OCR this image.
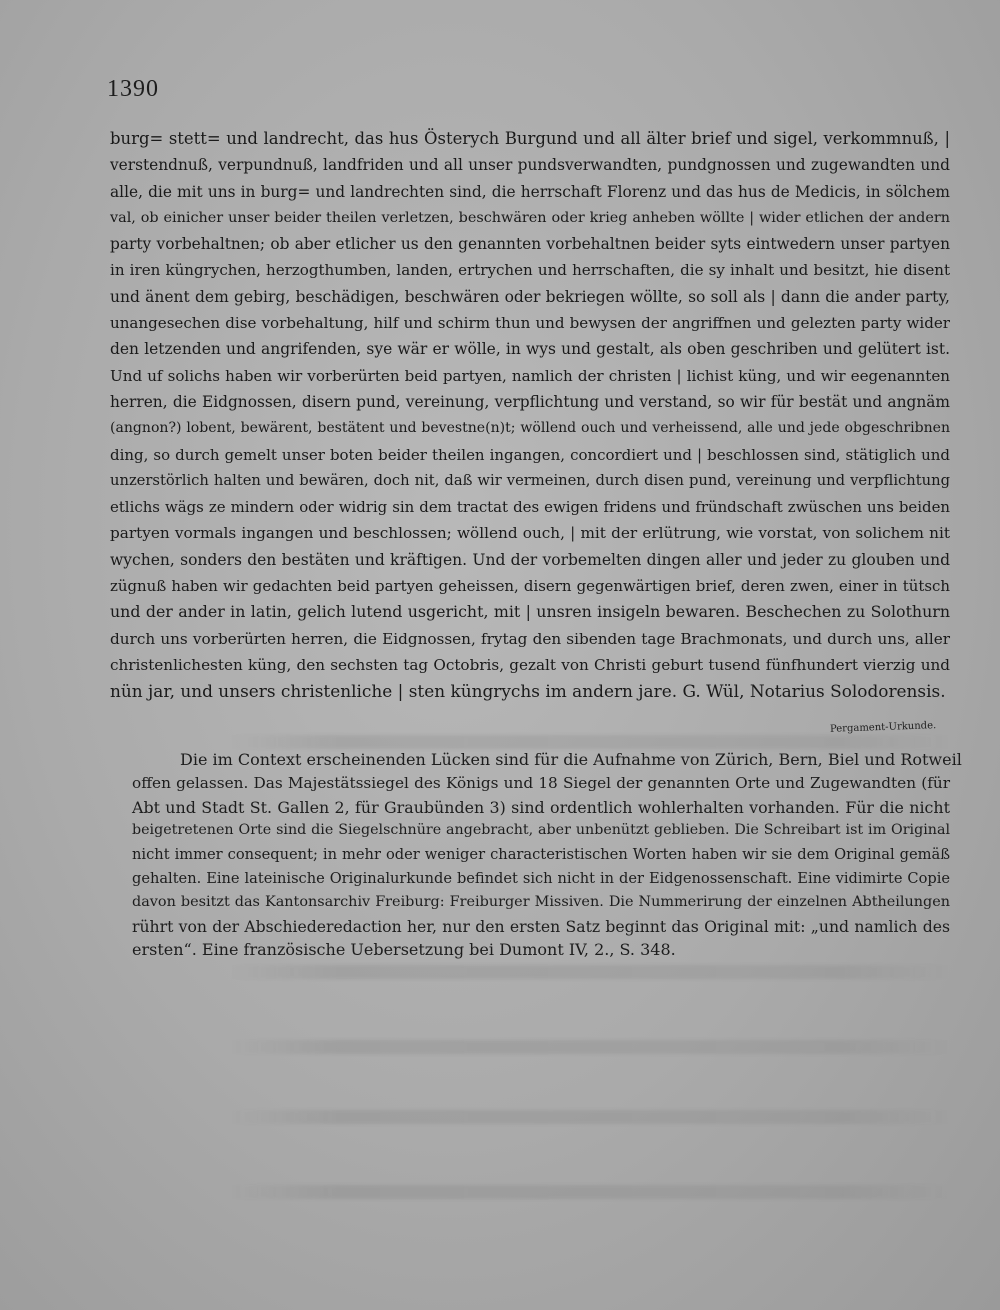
1390
burg= stett= und landrecht, das hus Österych Burgund und all älter brief und sigel, verkommnuß, |
verstendnuß, verpundnuß, landfriden und all unser pundsverwandten, pundgnossen und zugewandten und
alle, die mit uns in burg= und landrechten sind, die herrschaft Florenz und das hus de Medicis, in sölchem
val, ob einicher unser beider theilen verletzen, beschwären oder krieg anheben wöllte | wider etlichen der andern
party vorbehaltnen; ob aber etlicher us den genannten vorbehaltnen beider syts eintwedern unser partyen
in iren küngrychen, herzogthumben, landen, ertrychen und herrschaften, die sy inhalt und besitzt, hie disent
und änent dem gebirg, beschädigen, beschwären oder bekriegen wöllte, so soll als | dann die ander party,
unangesechen dise vorbehaltung, hilf und schirm thun und bewysen der angriffnen und gelezten party wider
den letzenden und angrifenden, sye wär er wölle, in wys und gestalt, als oben geschriben und gelütert ist.
Und uf solichs haben wir vorberürten beid partyen, namlich der christen | lichist küng, und wir eegenannten
herren, die Eidgnossen, disern pund, vereinung, verpflichtung und verstand, so wir für bestät und angnäm
(angnon?) lobent, bewärent, bestätent und bevestne(n)t; wöllend ouch und verheissend, alle und jede obgeschribnen
ding, so durch gemelt unser boten beider theilen ingangen, concordiert und | beschlossen sind, stätiglich und
unzerstörlich halten und bewären, doch nit, daß wir vermeinen, durch disen pund, vereinung und verpflichtung
etlichs wägs ze mindern oder widrig sin dem tractat des ewigen fridens und fründschaft zwüschen uns beiden
partyen vormals ingangen und beschlossen; wöllend ouch, | mit der erlütrung, wie vorstat, von solichem nit
wychen, sonders den bestäten und kräftigen. Und der vorbemelten dingen aller und jeder zu glouben und
zügnuß haben wir gedachten beid partyen geheissen, disern gegenwärtigen brief, deren zwen, einer in tütsch
und der ander in latin, gelich lutend usgericht, mit | unsren insigeln bewaren. Beschechen zu Solothurn
durch uns vorberürten herren, die Eidgnossen, frytag den sibenden tage Brachmonats, und durch uns, aller
christenlichesten küng, den sechsten tag Octobris, gezalt von Christi geburt tusend fünfhundert vierzig und
nün jar, und unsers christenliche | sten küngrychs im andern jare. G. Wül, Notarius Solodorensis.
Pergament-Urkunde.
Die im Context erscheinenden Lücken sind für die Aufnahme von Zürich, Bern, Biel und Rotweil
offen gelassen. Das Majestätssiegel des Königs und 18 Siegel der genannten Orte und Zugewandten (für
Abt und Stadt St. Gallen 2, für Graubünden 3) sind ordentlich wohlerhalten vorhanden. Für die nicht
beigetretenen Orte sind die Siegelschnüre angebracht, aber unbenützt geblieben. Die Schreibart ist im Original
nicht immer consequent; in mehr oder weniger characteristischen Worten haben wir sie dem Original gemäß
gehalten. Eine lateinische Originalurkunde befindet sich nicht in der Eidgenossenschaft. Eine vidimirte Copie
davon besitzt das Kantonsarchiv Freiburg: Freiburger Missiven. Die Nummerirung der einzelnen Abtheilungen
rührt von der Abschiederedaction her, nur den ersten Satz beginnt das Original mit: „und namlich des
ersten“. Eine französische Uebersetzung bei Dumont IV, 2., S. 348.
